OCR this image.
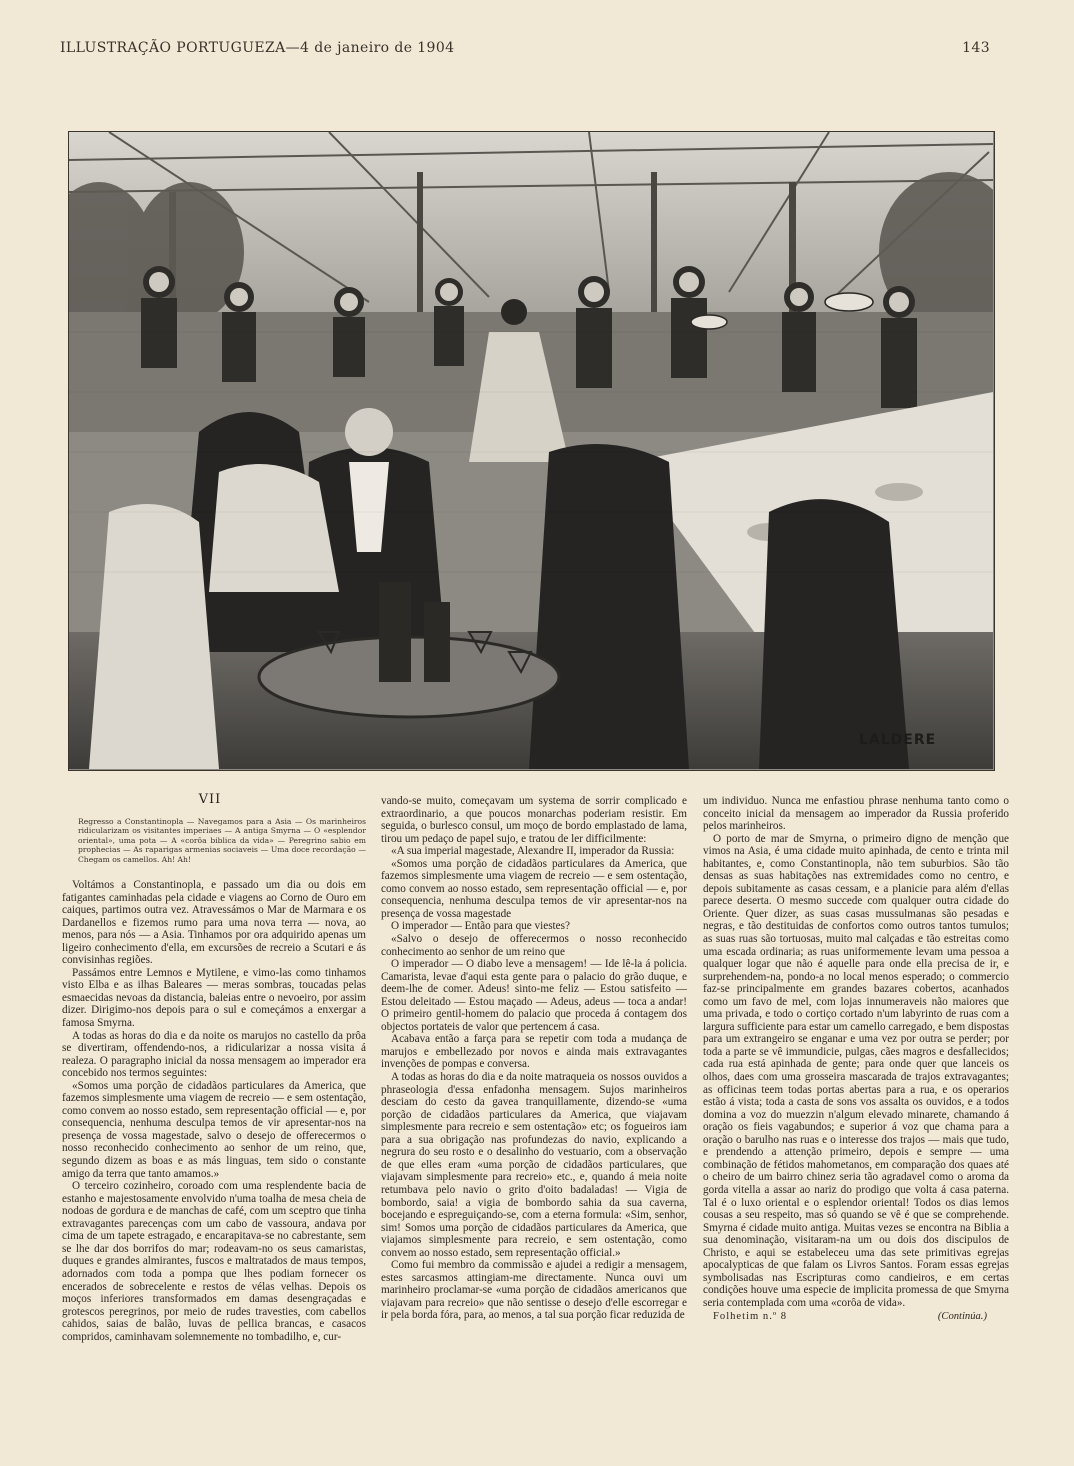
ILLUSTRAÇÃO PORTUGUEZA—4 de janeiro de 1904	143
LALDERE
VII
Regresso a Constantinopla — Navegamos para a Asia — Os marinheiros ridicularizam os visitantes imperiaes — A antiga Smyrna — O «esplendor oriental», uma pota — A «corôa biblica da vida» — Peregrino sabio em prophecias — As raparigas armenias sociaveis — Uma doce recordação — Chegam os camellos. Ah! Ah!

Voltámos a Constantinopla, e passado um dia ou dois em fatigantes caminhadas pela cidade e viagens ao Corno de Ouro em caiques, partimos outra vez. Atravessámos o Mar de Marmara e os Dardanellos e fizemos rumo para uma nova terra — nova, ao menos, para nós — a Asia. Tinhamos por ora adquirido apenas um ligeiro conhecimento d'ella, em excursões de recreio a Scutari e ás convisinhas regiões.

Passámos entre Lemnos e Mytilene, e vimo-las como tinhamos visto Elba e as ilhas Baleares — meras sombras, toucadas pelas esmaecidas nevoas da distancia, baleias entre o nevoeiro, por assim dizer. Dirigimo-nos depois para o sul e começámos a enxergar a famosa Smyrna.

A todas as horas do dia e da noite os marujos no castello da prôa se divertiram, offendendo-nos, a ridicularizar a nossa visita á realeza. O paragrapho inicial da nossa mensagem ao imperador era concebido nos termos seguintes:

«Somos uma porção de cidadãos particulares da America, que fazemos simplesmente uma viagem de recreio — e sem ostentação, como convem ao nosso estado, sem representação official — e, por consequencia, nenhuma desculpa temos de vir apresentar-nos na presença de vossa magestade, salvo o desejo de offerecermos o nosso reconhecido conhecimento ao senhor de um reino, que, segundo dizem as boas e as más linguas, tem sido o constante amigo da terra que tanto amamos.»

O terceiro cozinheiro, coroado com uma resplendente bacia de estanho e majestosamente envolvido n'uma toalha de mesa cheia de nodoas de gordura e de manchas de café, com um sceptro que tinha extravagantes parecenças com um cabo de vassoura, andava por cima de um tapete estragado, e encarapitava-se no cabrestante, sem se lhe dar dos borrifos do mar; rodeavam-no os seus camaristas, duques e grandes almirantes, fuscos e maltratados de maus tempos, adornados com toda a pompa que lhes podiam fornecer os encerados de sobrecelente e restos de vélas velhas. Depois os moços inferiores transformados em damas desengraçadas e grotescos peregrinos, por meio de rudes travesties, com cabellos cahidos, saias de balão, luvas de pellica brancas, e casacos compridos, caminhavam solemnemente no tombadilho, e, cur-

vando-se muito, começavam um systema de sorrir complicado e extraordinario, a que poucos monarchas poderiam resistir. Em seguida, o burlesco consul, um moço de bordo emplastado de lama, tirou um pedaço de papel sujo, e tratou de ler difficilmente:

«A sua imperial magestade, Alexandre II, imperador da Russia:

«Somos uma porção de cidadãos particulares da America, que fazemos simplesmente uma viagem de recreio — e sem ostentação, como convem ao nosso estado, sem representação official — e, por consequencia, nenhuma desculpa temos de vir apresentar-nos na presença de vossa magestade

O imperador — Então para que viestes?

«Salvo o desejo de offerecermos o nosso reconhecido conhecimento ao senhor de um reino que

O imperador — O diabo leve a mensagem! — Ide lê-la á policia. Camarista, levae d'aqui esta gente para o palacio do grão duque, e deem-lhe de comer. Adeus! sinto-me feliz — Estou satisfeito — Estou deleitado — Estou maçado — Adeus, adeus — toca a andar! O primeiro gentil-homem do palacio que proceda á contagem dos objectos portateis de valor que pertencem á casa.

Acabava então a farça para se repetir com toda a mudança de marujos e embellezado por novos e ainda mais extravagantes invenções de pompas e conversa.

A todas as horas do dia e da noite matraqueia os nossos ouvidos a phraseologia d'essa enfadonha mensagem. Sujos marinheiros desciam do cesto da gavea tranquillamente, dizendo-se «uma porção de cidadãos particulares da America, que viajavam simplesmente para recreio e sem ostentação» etc; os fogueiros iam para a sua obrigação nas profundezas do navio, explicando a negrura do seu rosto e o desalinho do vestuario, com a observação de que elles eram «uma porção de cidadãos particulares, que viajavam simplesmente para recreio» etc., e, quando á meia noite retumbava pelo navio o grito d'oito badaladas! — Vigia de bombordo, saia! a vigia de bombordo sahia da sua caverna, bocejando e espreguiçando-se, com a eterna formula: «Sim, senhor, sim! Somos uma porção de cidadãos particulares da America, que viajamos simplesmente para recreio, e sem ostentação, como convem ao nosso estado, sem representação official.»

Como fui membro da commissão e ajudei a redigir a mensagem, estes sarcasmos attingiam-me directamente. Nunca ouvi um marinheiro proclamar-se «uma porção de cidadãos americanos que viajavam para recreio» que não sentisse o desejo d'elle escorregar e ir pela borda fóra, para, ao menos, a tal sua porção ficar reduzida de

um individuo. Nunca me enfastiou phrase nenhuma tanto como o conceito inicial da mensagem ao imperador da Russia proferido pelos marinheiros.

O porto de mar de Smyrna, o primeiro digno de menção que vimos na Asia, é uma cidade muito apinhada, de cento e trinta mil habitantes, e, como Constantinopla, não tem suburbios. São tão densas as suas habitações nas extremidades como no centro, e depois subitamente as casas cessam, e a planicie para além d'ellas parece deserta. O mesmo succede com qualquer outra cidade do Oriente. Quer dizer, as suas casas mussulmanas são pesadas e negras, e tão destituidas de confortos como outros tantos tumulos; as suas ruas são tortuosas, muito mal calçadas e tão estreitas como uma escada ordinaria; as ruas uniformemente levam uma pessoa a qualquer logar que não é aquelle para onde ella precisa de ir, e surprehendem-na, pondo-a no local menos esperado; o commercio faz-se principalmente em grandes bazares cobertos, acanhados como um favo de mel, com lojas innumeraveis não maiores que uma privada, e todo o cortiço cortado n'um labyrinto de ruas com a largura sufficiente para estar um camello carregado, e bem dispostas para um extrangeiro se enganar e uma vez por outra se perder; por toda a parte se vê immundicie, pulgas, cães magros e desfallecidos; cada rua está apinhada de gente; para onde quer que lanceis os olhos, daes com uma grosseira mascarada de trajos extravagantes; as officinas teem todas portas abertas para a rua, e os operarios estão á vista; toda a casta de sons vos assalta os ouvidos, e a todos domina a voz do muezzin n'algum elevado minarete, chamando á oração os fieis vagabundos; e superior á voz que chama para a oração o barulho nas ruas e o interesse dos trajos — mais que tudo, e prendendo a attenção primeiro, depois e sempre — uma combinação de fétidos mahometanos, em comparação dos quaes até o cheiro de um bairro chinez seria tão agradavel como o aroma da gorda vitella a assar ao nariz do prodigo que volta á casa paterna. Tal é o luxo oriental e o esplendor oriental! Todos os dias lemos cousas a seu respeito, mas só quando se vê é que se comprehende. Smyrna é cidade muito antiga. Muitas vezes se encontra na Biblia a sua denominação, visitaram-na um ou dois dos discipulos de Christo, e aqui se estabeleceu uma das sete primitivas egrejas apocalypticas de que falam os Livros Santos. Foram essas egrejas symbolisadas nas Escripturas como candieiros, e em certas condições houve uma especie de implicita promessa de que Smyrna seria contemplada com uma «corôa de vida».

Folhetim n.º 8	(Continúa.)
